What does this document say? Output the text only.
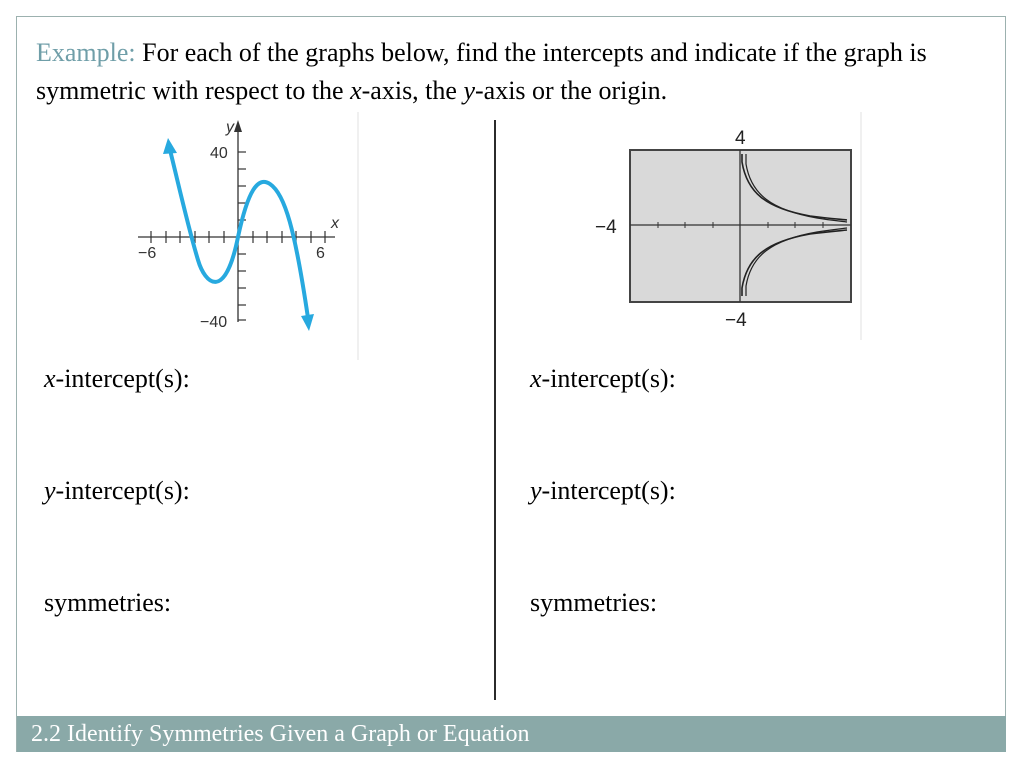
Example: For each of the graphs below, find the intercepts and indicate if the graph is symmetric with respect to the x-axis, the y-axis or the origin.
y
x
40
−40
−6	6
4
−4
−4
x-intercept(s):
y-intercept(s):
symmetries:
x-intercept(s):
y-intercept(s):
symmetries:
2.2 Identify Symmetries Given a Graph or Equation
